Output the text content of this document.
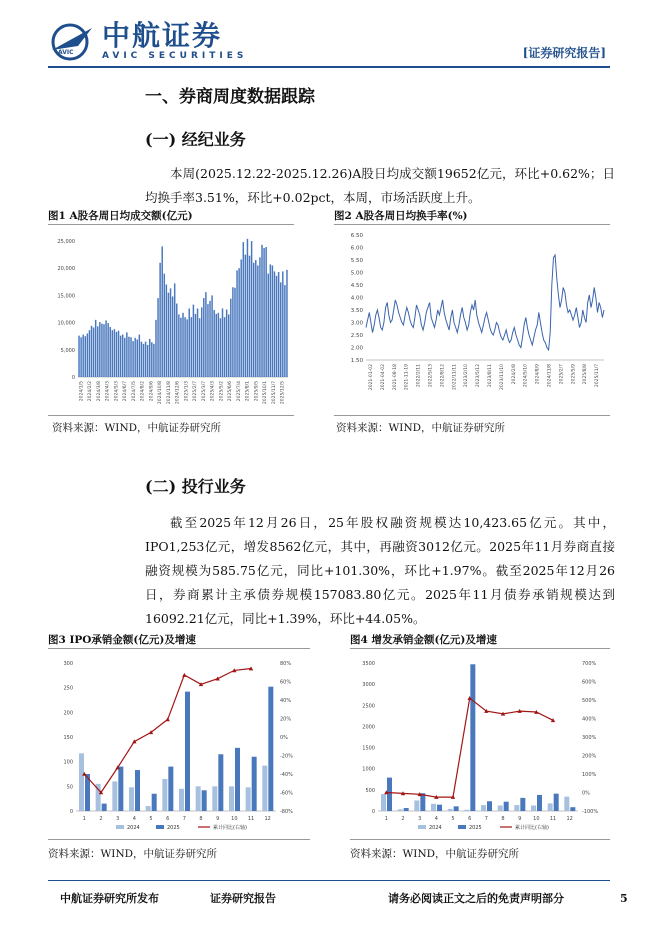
AVIC
中航证券
AVIC SECURITIES	[证券研究报告]
一、券商周度数据跟踪
(一) 经纪业务
本周(2025.12.22-2025.12.26)A股日均成交额19652亿元，环比+0.62%；日均换手率3.51%，环比+0.02pct，本周，市场活跃度上升。
图1 A股各周日均成交额(亿元)
0
5,000
10,000
15,000
20,000
25,000
2024/1/5 2024/2/2 2024/3/8 2024/4/3 2024/5/3 2024/6/7 2024/7/5 2024/8/2 2024/9/6 2024/10/8 2024/11/8 2024/12/6 2025/1/3 2025/2/7 2025/3/7 2025/4/3 2025/5/2 2025/6/6 2025/7/4 2025/8/1 2025/9/5 2025/10/1 2025/11/7 2025/12/5
资料来源：WIND，中航证券研究所
图2 A股各周日均换手率(%)
1.50
2.00
2.50
3.00
3.50
4.00
4.50
5.00
5.50
6.00
6.50
2021-01-02 2021-04-02 2021-08-18 2021-11-19 2022/2/11 2022/5/13 2022/8/12 2022/11/11 2023/2/10 2023/5/12 2023/8/11 2023/11/10 2024/2/8 2024/5/10 2024/8/9 2024/11/8 2025/2/7 2025/5/9 2025/8/8 2025/11/7
资料来源：WIND，中航证券研究所
(二) 投行业务
截至2025年12月26日，25年股权融资规模达10,423.65亿元。其中，IPO1,253亿元，增发8562亿元，其中，再融资3012亿元。2025年11月券商直接融资规模为585.75亿元，同比+101.30%，环比+1.97%。截至2025年12月26日，券商累计主承债券规模157083.80亿元。2025年11月债券承销规模达到16092.21亿元，同比+1.39%，环比+44.05%。
图3 IPO承销金额(亿元)及增速
0
50
100
150
200
250
300
-80%
-60%
-40%
-20%
0%
20%
40%
60%
80%
1	2	3	4	5	6	7	8	9 10 11 12
2024	2025	累计同比(右轴)
资料来源：WIND，中航证券研究所
图4 增发承销金额(亿元)及增速
0
500
1000
1500
2000
2500
3000
3500
-100%
0%
100%
200%
300%
400%
500%
600%
700%
1	2	3	4	5	6	7	8	9 10 11 12
2024	2025	累计同比(右轴)
资料来源：WIND，中航证券研究所
中航证券研究所发布	证券研究报告	请务必阅读正文之后的免责声明部分	5
